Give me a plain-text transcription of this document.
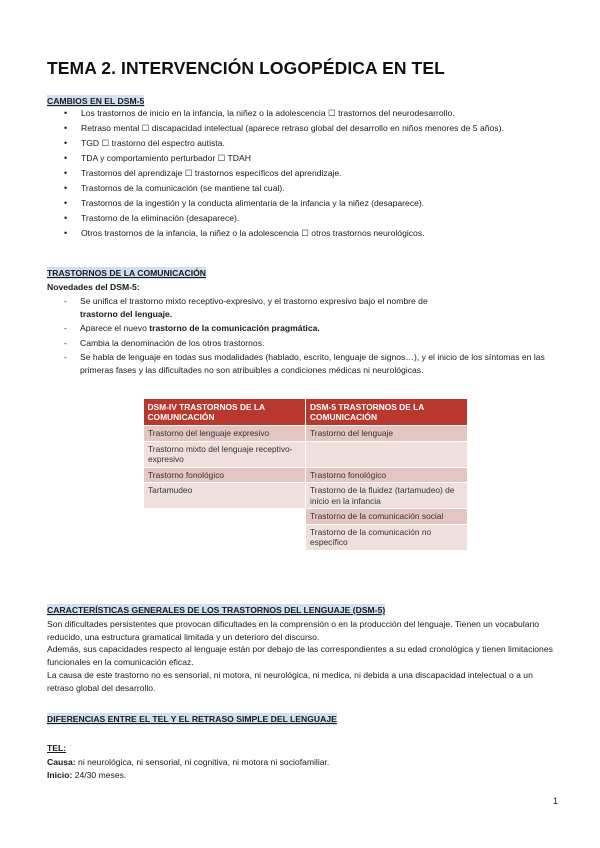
TEMA 2. INTERVENCIÓN LOGOPÉDICA EN TEL
CAMBIOS EN EL DSM-5
• Los trastornos de inicio en la infancia, la niñez o la adolescencia ☐ trastornos del neurodesarrollo.
• Retraso mental ☐ discapacidad intelectual (aparece retraso global del desarrollo en niños menores de 5 años).
• TGD ☐ trastorno del espectro autista.
• TDA y comportamiento perturbador ☐ TDAH
• Trastornos del aprendizaje ☐ trastornos específicos del aprendizaje.
• Trastornos de la comunicación (se mantiene tal cual).
• Trastornos de la ingestión y la conducta alimentaria de la infancia y la niñez (desaparece).
• Trastorno de la eliminación (desaparece).
• Otros trastornos de la infancia, la niñez o la adolescencia ☐ otros trastornos neurológicos.
TRASTORNOS DE LA COMUNICACIÓN
Novedades del DSM-5:
- Se unifica el trastorno mixto receptivo-expresivo, y el trastorno expresivo bajo el nombre de
trastorno del lenguaje.
- Aparece el nuevo trastorno de la comunicación pragmática.
- Cambia la denominación de los otros trastornos.
- Se habla de lenguaje en todas sus modalidades (hablado, escrito, lenguaje de signos…), y el inicio de los síntomas en las primeras fases y las dificultades no son atribuibles a condiciones médicas ni neurológicas.
DSM-IV TRASTORNOS DE LA COMUNICACIÓN	DSM-5 TRASTORNOS DE LA COMUNICACIÓN
Trastorno del lenguaje expresivo	Trastorno del lenguaje
Trastorno mixto del lenguaje receptivo-expresivo	
Trastorno fonológico	Trastorno fonológico
Tartamudeo	Trastorno de la fluidez (tartamudeo) de inicio en la infancia
	Trastorno de la comunicación social
	Trastorno de la comunicación no específico
CARACTERÍSTICAS GENERALES DE LOS TRASTORNOS DEL LENGUAJE (DSM-5)
Son dificultades persistentes que provocan dificultades en la comprensión o en la producción del lenguaje. Tienen un vocabulario reducido, una estructura gramatical limitada y un deterioro del discurso.
Además, sus capacidades respecto al lenguaje están por debajo de las correspondientes a su edad cronológica y tienen limitaciones funcionales en la comunicación eficaz.
La causa de este trastorno no es sensorial, ni motora, ni neurológica, ni medica, ni debida a una discapacidad intelectual o a un retraso global del desarrollo.
DIFERENCIAS ENTRE EL TEL Y EL RETRASO SIMPLE DEL LENGUAJE
TEL:
Causa: ni neurológica, ni sensorial, ni cognitiva, ni motora ni sociofamiliar.
Inicio: 24/30 meses.
1
